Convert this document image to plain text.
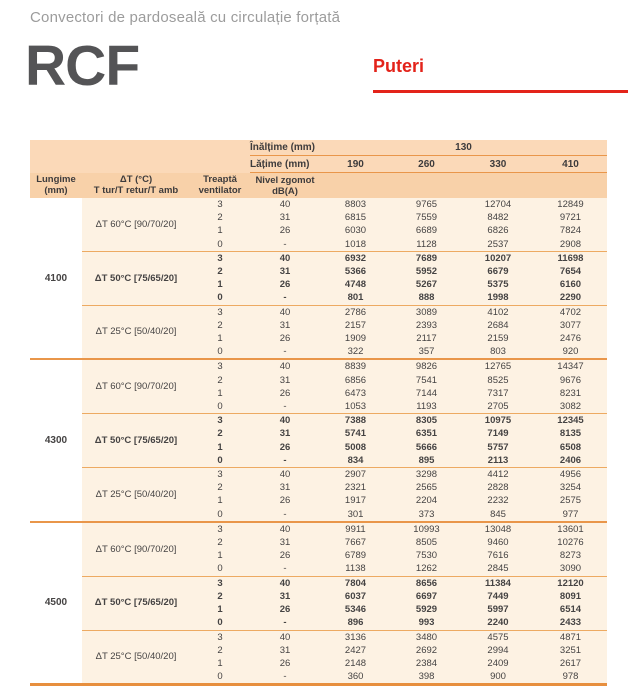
Convectori de pardoseală cu circulație forțată
RCF	Puteri
			Înălțime (mm)	130			
			Lățime (mm)	190	260	330	410

Lungime
(mm)

ΔT (°C)
T tur/T retur/T amb

Treaptă
ventilator

Nivel zgomot
dB(A)

4100	ΔT 60°C [90/70/20]	3	40	8803	9765	12704	12849
		2	31	6815	7559	8482	9721
		1	26	6030	6689	6826	7824
		0	-	1018	1128	2537	2908
	ΔT 50°C [75/65/20]	3	40	6932	7689	10207	11698
		2	31	5366	5952	6679	7654
		1	26	4748	5267	5375	6160
		0	-	801	888	1998	2290
	ΔT 25°C [50/40/20]	3	40	2786	3089	4102	4702
		2	31	2157	2393	2684	3077
		1	26	1909	2117	2159	2476
		0	-	322	357	803	920
4300	ΔT 60°C [90/70/20]	3	40	8839	9826	12765	14347
		2	31	6856	7541	8525	9676
		1	26	6473	7144	7317	8231
		0	-	1053	1193	2705	3082
	ΔT 50°C [75/65/20]	3	40	7388	8305	10975	12345
		2	31	5741	6351	7149	8135
		1	26	5008	5666	5757	6508
		0	-	834	895	2113	2406
	ΔT 25°C [50/40/20]	3	40	2907	3298	4412	4956
		2	31	2321	2565	2828	3254
		1	26	1917	2204	2232	2575
		0	-	301	373	845	977
4500	ΔT 60°C [90/70/20]	3	40	9911	10993	13048	13601
		2	31	7667	8505	9460	10276
		1	26	6789	7530	7616	8273
		0	-	1138	1262	2845	3090
	ΔT 50°C [75/65/20]	3	40	7804	8656	11384	12120
		2	31	6037	6697	7449	8091
		1	26	5346	5929	5997	6514
		0	-	896	993	2240	2433
	ΔT 25°C [50/40/20]	3	40	3136	3480	4575	4871
		2	31	2427	2692	2994	3251
		1	26	2148	2384	2409	2617
		0	-	360	398	900	978
